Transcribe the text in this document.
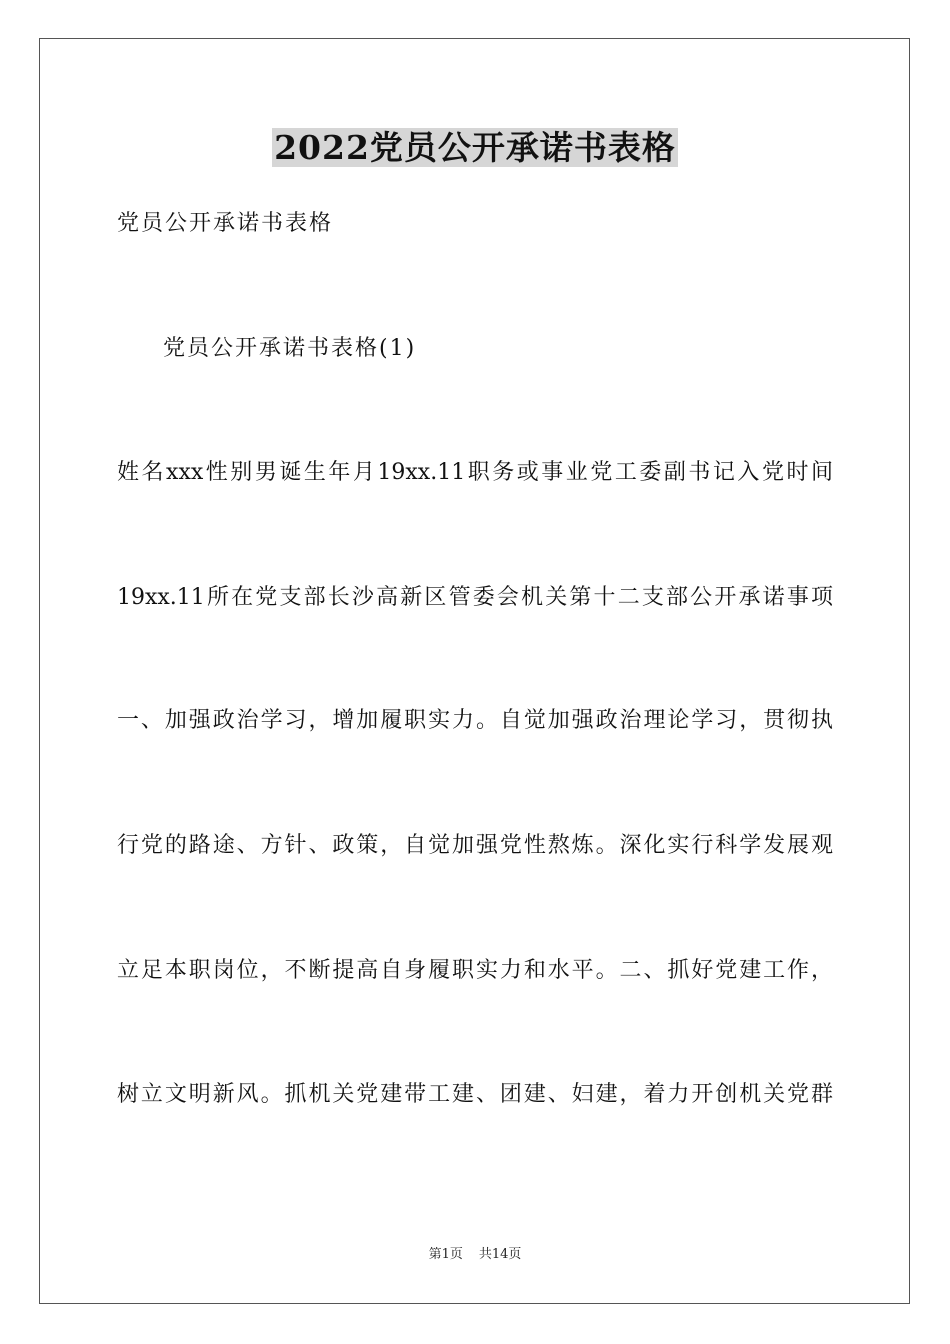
2022党员公开承诺书表格
党员公开承诺书表格
党员公开承诺书表格(1)
姓名xxx性别男诞生年月19xx.11职务或事业党工委副书记入党时间
19xx.11所在党支部长沙高新区管委会机关第十二支部公开承诺事项
一、加强政治学习，增加履职实力。自觉加强政治理论学习，贯彻执
行党的路途、方针、政策，自觉加强党性熬炼。深化实行科学发展观
立足本职岗位，不断提高自身履职实力和水平。二、抓好党建工作，
树立文明新风。抓机关党建带工建、团建、妇建，着力开创机关党群
第1页 共14页
